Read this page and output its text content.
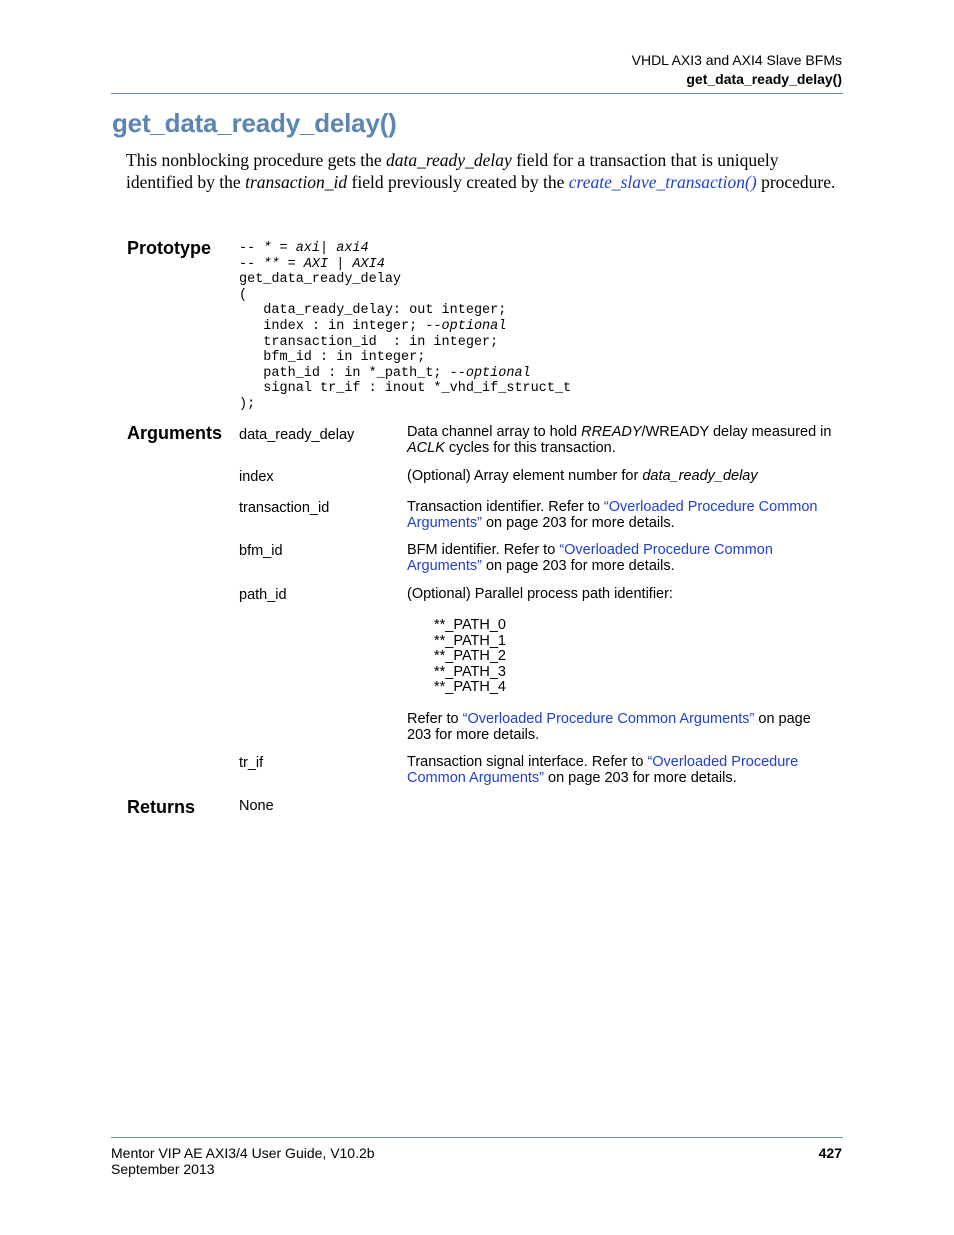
VHDL AXI3 and AXI4 Slave BFMs
get_data_ready_delay()
get_data_ready_delay()

This nonblocking procedure gets the data_ready_delay field for a transaction that is uniquely identified by the transaction_id field previously created by the create_slave_transaction() procedure.

Prototype -- * = axi| axi4
-- ** = AXI | AXI4
get_data_ready_delay
(
data_ready_delay: out integer;
index : in integer; --optional
transaction_id  : in integer;
bfm_id : in integer;
path_id : in *_path_t; --optional
signal tr_if : inout *_vhd_if_struct_t
);
Arguments data_ready_delay	Data channel array to hold RREADY/WREADY delay measured in ACLK cycles for this transaction.
index	(Optional) Array element number for data_ready_delay
transaction_id	Transaction identifier. Refer to “Overloaded Procedure Common Arguments” on page 203 for more details.
bfm_id	BFM identifier. Refer to “Overloaded Procedure Common Arguments” on page 203 for more details.
path_id	(Optional) Parallel process path identifier:
**_PATH_0
**_PATH_1
**_PATH_2
**_PATH_3
**_PATH_4
Refer to “Overloaded Procedure Common Arguments” on page 203 for more details.
tr_if	Transaction signal interface. Refer to “Overloaded Procedure Common Arguments” on page 203 for more details.
Returns	None
Mentor VIP AE AXI3/4 User Guide, V10.2b
September 2013
427
